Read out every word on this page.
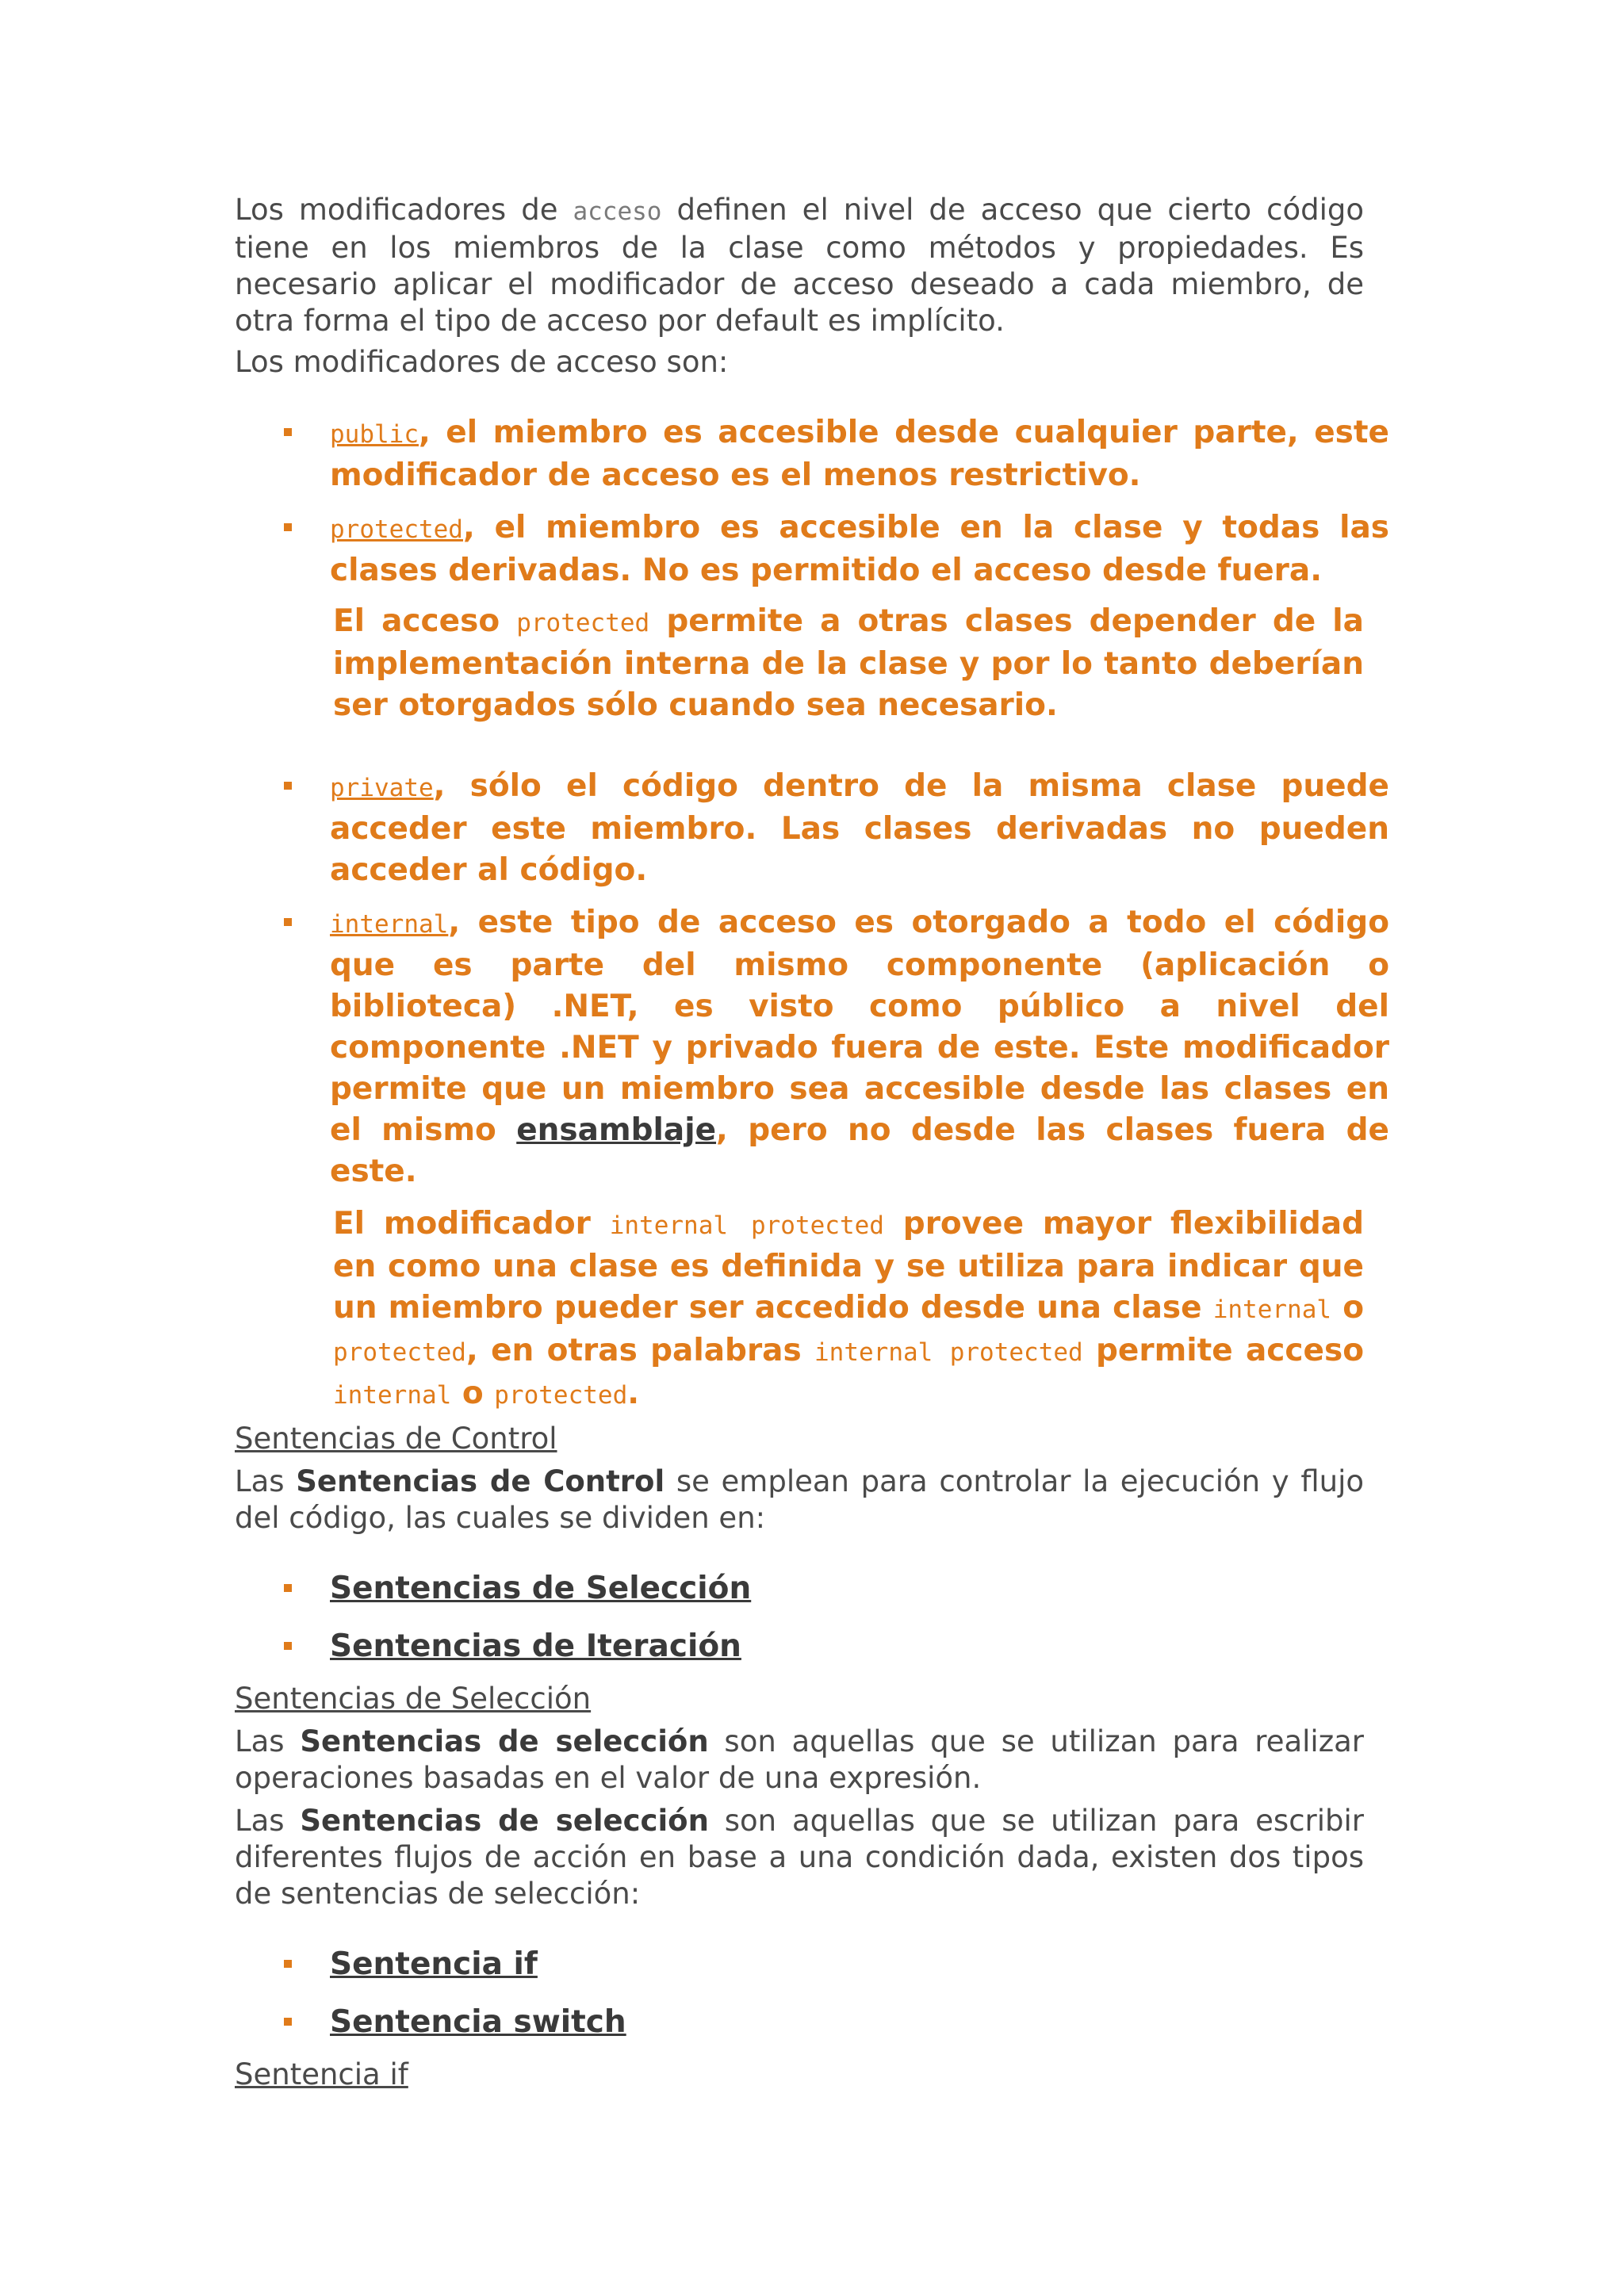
Los modificadores de acceso definen el nivel de acceso que cierto código tiene en los miembros de la clase como métodos y propiedades. Es necesario aplicar el modificador de acceso deseado a cada miembro, de otra forma el tipo de acceso por default es implícito.

Los modificadores de acceso son:

public, el miembro es accesible desde cualquier parte, este modificador de acceso es el menos restrictivo.
protected, el miembro es accesible en la clase y todas las clases derivadas. No es permitido el acceso desde fuera.
El acceso protected permite a otras clases depender de la implementación interna de la clase y por lo tanto deberían ser otorgados sólo cuando sea necesario.
private, sólo el código dentro de la misma clase puede acceder este miembro. Las clases derivadas no pueden acceder al código.
internal, este tipo de acceso es otorgado a todo el código que es parte del mismo componente (aplicación o biblioteca) .NET, es visto como público a nivel del componente .NET y privado fuera de este. Este modificador permite que un miembro sea accesible desde las clases en el mismo ensamblaje, pero no desde las clases fuera de este.
El modificador internal protected provee mayor flexibilidad en como una clase es definida y se utiliza para indicar que un miembro pueder ser accedido desde una clase internal o protected, en otras palabras internal protected permite acceso internal o protected.
Sentencias de Control

Las Sentencias de Control se emplean para controlar la ejecución y flujo del código, las cuales se dividen en:

Sentencias de Selección
Sentencias de Iteración
Sentencias de Selección

Las Sentencias de selección son aquellas que se utilizan para realizar operaciones basadas en el valor de una expresión.

Las Sentencias de selección son aquellas que se utilizan para escribir diferentes flujos de acción en base a una condición dada, existen dos tipos de sentencias de selección:

Sentencia if
Sentencia switch
Sentencia if
